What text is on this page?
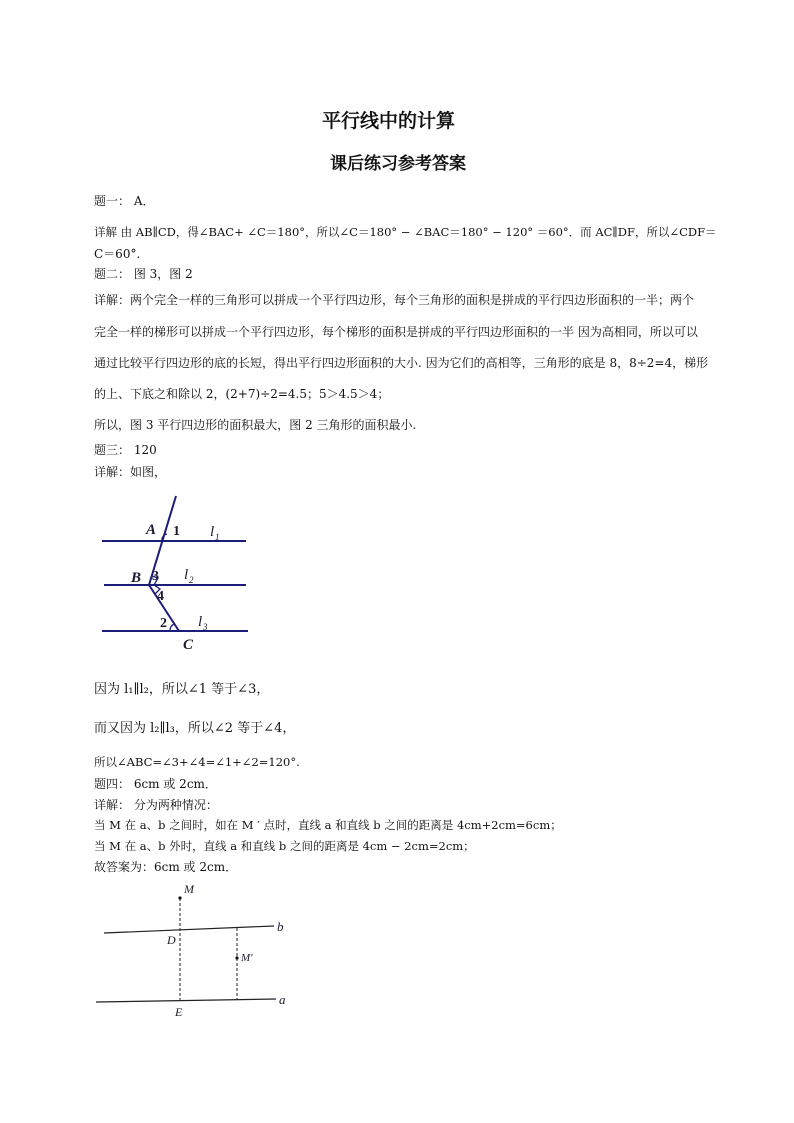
平行线中的计算
课后练习参考答案
题一： A．
详解 由 AB∥CD，得∠BAC+ ∠C＝180°，所以∠C＝180° − ∠BAC＝180° − 120° ＝60°．而 AC∥DF，所以∠CDF＝
C＝60°.
题二： 图 3，图 2
详解：两个完全一样的三角形可以拼成一个平行四边形，每个三角形的面积是拼成的平行四边形面积的一半；两个
完全一样的梯形可以拼成一个平行四边形，每个梯形的面积是拼成的平行四边形面积的一半 因为高相同，所以可以
通过比较平行四边形的底的长短，得出平行四边形面积的大小. 因为它们的高相等，三角形的底是 8，8÷2=4，梯形
的上、下底之和除以 2，(2+7)÷2=4.5；5＞4.5＞4；
所以，图 3 平行四边形的面积最大，图 2 三角形的面积最小.
题三： 120
详解：如图，
A
B
C
1
2
3
4
l 1
l 2
l 3
因为 l₁∥l₂，所以∠1 等于∠3，
而又因为 l₂∥l₃，所以∠2 等于∠4，
所以∠ABC=∠3+∠4=∠1+∠2=120°.
题四： 6cm 或 2cm．
详解： 分为两种情况：
当 M 在 a、b 之间时，如在 M ′ 点时，直线 a 和直线 b 之间的距离是 4cm+2cm=6cm；
当 M 在 a、b 外时，直线 a 和直线 b 之间的距离是 4cm − 2cm=2cm；
故答案为：6cm 或 2cm．
M
D
E
M′
b
a
